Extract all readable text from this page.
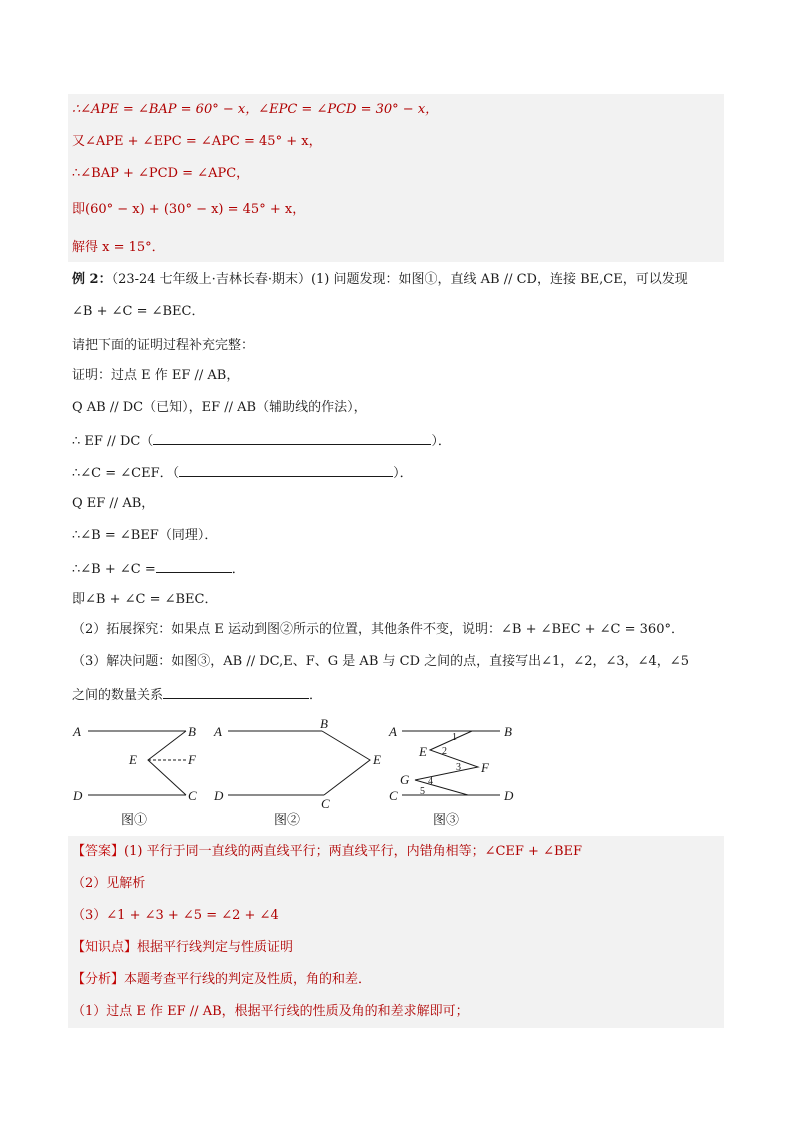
∴∠APE = ∠BAP = 60° − x，∠EPC = ∠PCD = 30° − x，
又∠APE + ∠EPC = ∠APC = 45° + x，
∴∠BAP + ∠PCD = ∠APC，
即(60° − x) + (30° − x) = 45° + x，
解得 x = 15°．
例 2：（23-24 七年级上·吉林长春·期末）(1) 问题发现：如图①，直线 AB // CD，连接 BE,CE，可以发现
∠B + ∠C = ∠BEC．
请把下面的证明过程补充完整：
证明：过点 E 作 EF // AB，
Q AB // DC（已知），EF // AB（辅助线的作法），
∴ EF // DC（	）．
∴∠C = ∠CEF．（	）．
Q EF // AB，
∴∠B = ∠BEF（同理）．
∴∠B + ∠C =	．
即∠B + ∠C = ∠BEC．
（2）拓展探究：如果点 E 运动到图②所示的位置，其他条件不变，说明：∠B + ∠BEC + ∠C = 360°．
（3）解决问题：如图③，AB // DC,E、F、G 是 AB 与 CD 之间的点，直接写出∠1，∠2，∠3，∠4，∠5
之间的数量关系	．
A	B
E	F
D	C
图①
A
B
E
D
C
图②
A	B
E
F
G
C	D
1
2
3
4
5
图③
【答案】(1) 平行于同一直线的两直线平行；两直线平行，内错角相等；∠CEF + ∠BEF
（2）见解析
（3）∠1 + ∠3 + ∠5 = ∠2 + ∠4
【知识点】根据平行线判定与性质证明
【分析】本题考查平行线的判定及性质，角的和差．
（1）过点 E 作 EF // AB，根据平行线的性质及角的和差求解即可；
